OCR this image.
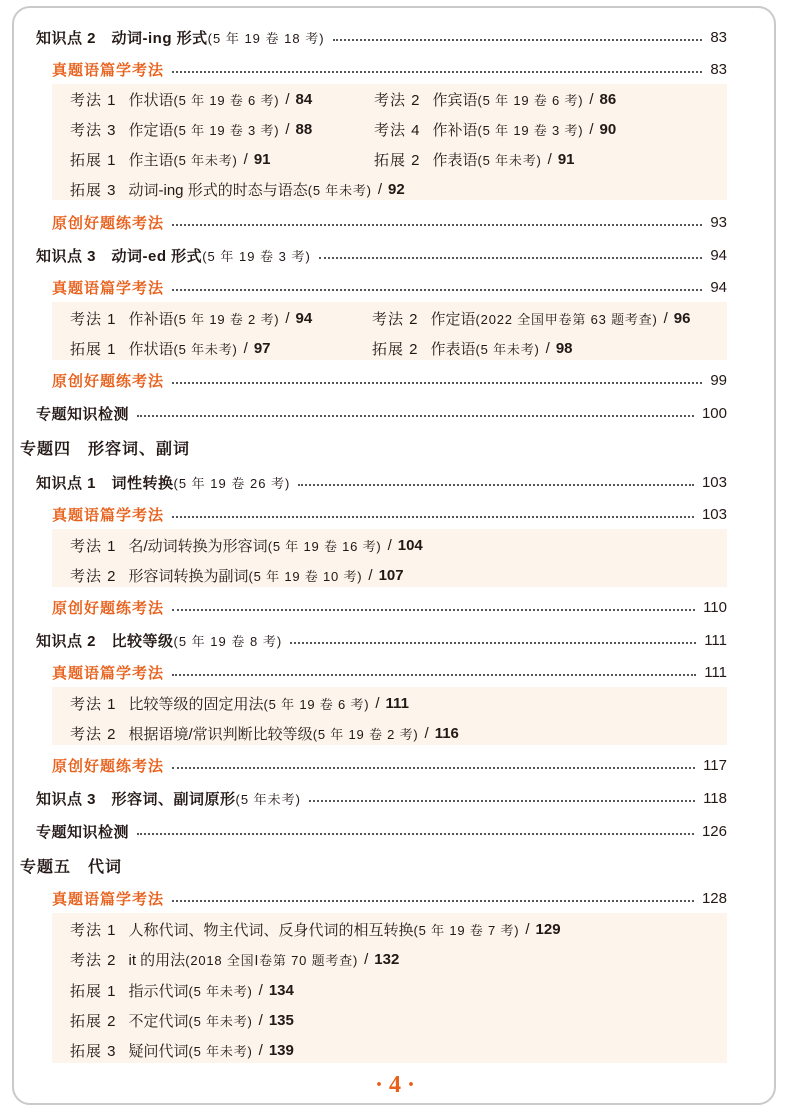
知识点 2　动词-ing 形式 (5 年 19 卷 18 考)	83
真题语篇学考法	83
考法 1 作状语 (5 年 19 卷 6 考) / 84	考法 2 作宾语 (5 年 19 卷 6 考) / 86
考法 3 作定语 (5 年 19 卷 3 考) / 88	考法 4 作补语 (5 年 19 卷 3 考) / 90
拓展 1 作主语 (5 年未考) / 91	拓展 2 作表语 (5 年未考) / 91
拓展 3 动词-ing 形式的时态与语态 (5 年未考) / 92
原创好题练考法	93
知识点 3　动词-ed 形式 (5 年 19 卷 3 考)	94
真题语篇学考法	94
考法 1 作补语 (5 年 19 卷 2 考) / 94	考法 2 作定语 (2022 全国甲卷第 63 题考查) / 96
拓展 1 作状语 (5 年未考) / 97	拓展 2 作表语 (5 年未考) / 98
原创好题练考法	99
专题知识检测	100
专题四　形容词、副词
知识点 1　词性转换 (5 年 19 卷 26 考)	103
真题语篇学考法	103
考法 1 名/动词转换为形容词 (5 年 19 卷 16 考) / 104
考法 2 形容词转换为副词 (5 年 19 卷 10 考) / 107
原创好题练考法	110
知识点 2　比较等级 (5 年 19 卷 8 考)	111
真题语篇学考法	111
考法 1 比较等级的固定用法 (5 年 19 卷 6 考) / 111
考法 2 根据语境/常识判断比较等级 (5 年 19 卷 2 考) / 116
原创好题练考法	117
知识点 3　形容词、副词原形 (5 年未考)	118
专题知识检测	126
专题五　代词
真题语篇学考法	128
考法 1 人称代词、物主代词、反身代词的相互转换 (5 年 19 卷 7 考) / 129
考法 2 it 的用法 (2018 全国Ⅰ卷第 70 题考查) / 132
拓展 1 指示代词 (5 年未考) / 134
拓展 2 不定代词 (5 年未考) / 135
拓展 3 疑问代词 (5 年未考) / 139
· 4 ·
